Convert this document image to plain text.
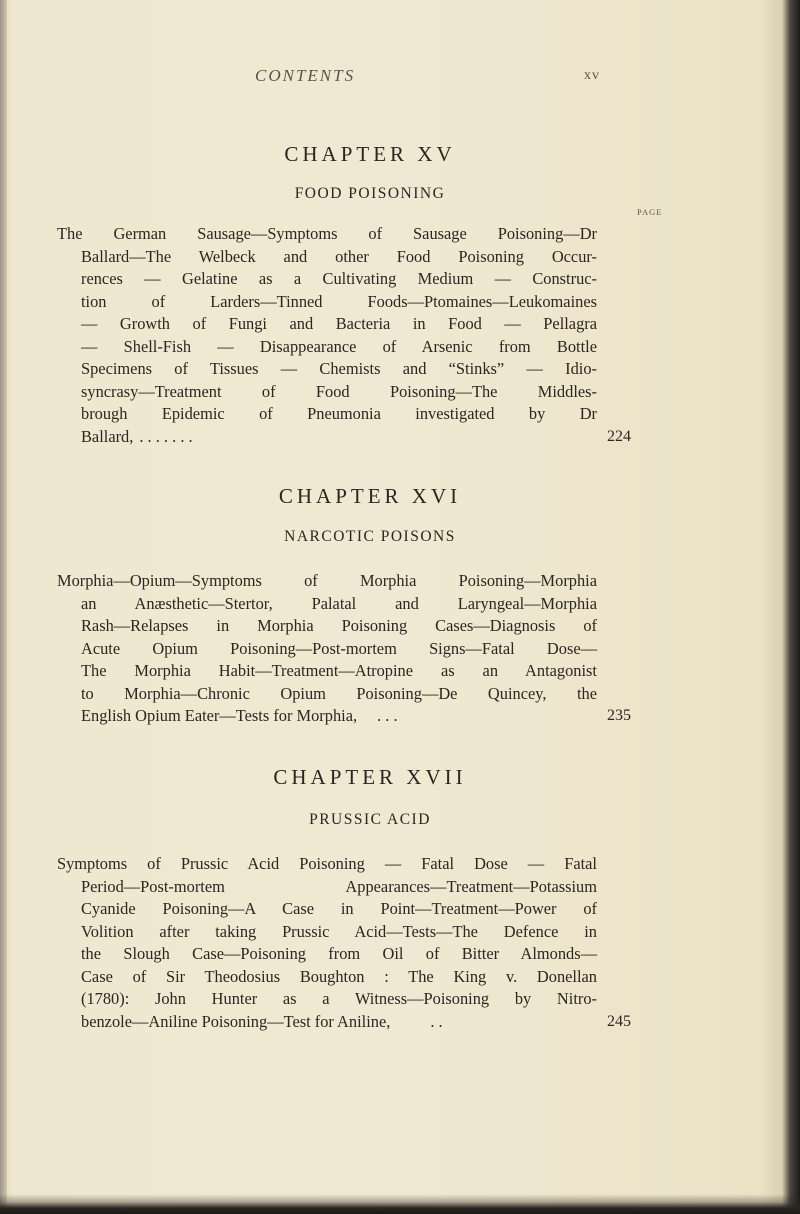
CONTENTS	xv
CHAPTER XV
FOOD POISONING
PAGE
The German Sausage—Symptoms of Sausage Poisoning—Dr
Ballard—The Welbeck and other Food Poisoning Occur-
rences — Gelatine as a Cultivating Medium — Construc-
tion of Larders—Tinned Foods—Ptomaines—Leukomaines
— Growth of Fungi and Bacteria in Food — Pellagra
— Shell-Fish — Disappearance of Arsenic from Bottle
Specimens of Tissues — Chemists and “Stinks” — Idio-
syncrasy—Treatment of Food Poisoning—The Middles-
brough Epidemic of Pneumonia investigated by Dr
Ballard, . . . . . . .	224
CHAPTER XVI
NARCOTIC POISONS
Morphia—Opium—Symptoms of Morphia Poisoning—Morphia
an Anæsthetic—Stertor, Palatal and Laryngeal—Morphia
Rash—Relapses in Morphia Poisoning Cases—Diagnosis of
Acute Opium Poisoning—Post-mortem Signs—Fatal Dose—
The Morphia Habit—Treatment—Atropine as an Antagonist
to Morphia—Chronic Opium Poisoning—De Quincey, the
English Opium Eater—Tests for Morphia,	. . .	235
CHAPTER XVII
PRUSSIC ACID
Symptoms of Prussic Acid Poisoning — Fatal Dose — Fatal
Period—Post-mortem Appearances—Treatment—Potassium
Cyanide Poisoning—A Case in Point—Treatment—Power of
Volition after taking Prussic Acid—Tests—The Defence in
the Slough Case—Poisoning from Oil of Bitter Almonds—
Case of Sir Theodosius Boughton : The King v. Donellan
(1780): John Hunter as a Witness—Poisoning by Nitro-
benzole—Aniline Poisoning—Test for Aniline,	. .	245
